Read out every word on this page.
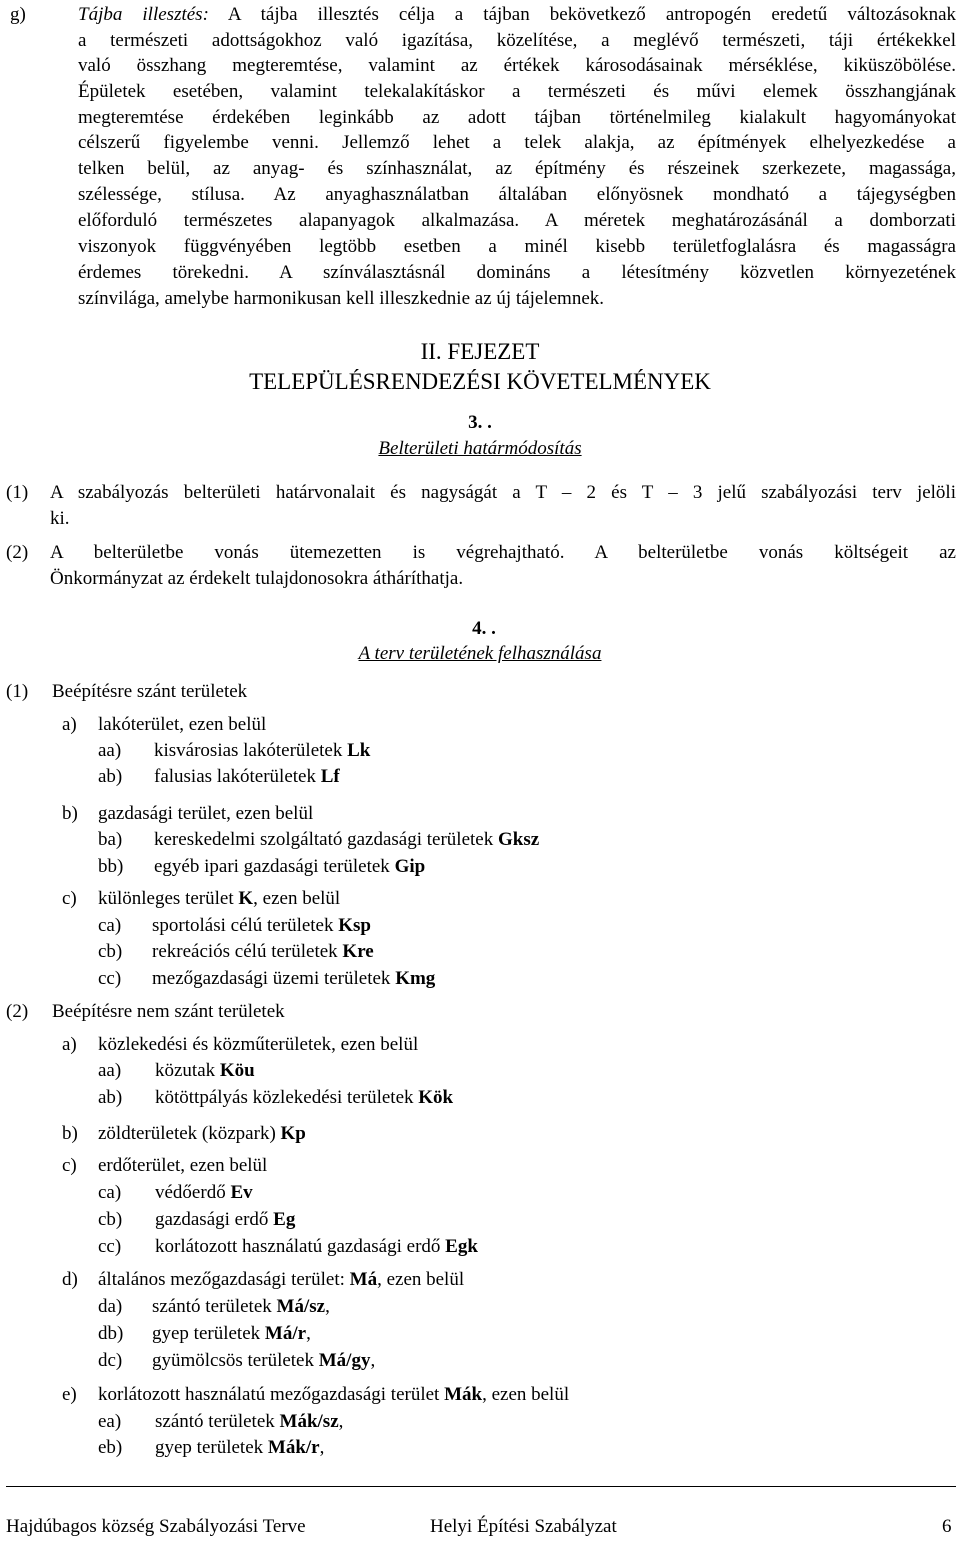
g)	Tájba illesztés: A tájba illesztés célja a tájban bekövetkező antropogén eredetű változásoknak
a természeti adottságokhoz való igazítása, közelítése, a meglévő természeti, táji értékekkel
való összhang megteremtése, valamint az értékek károsodásainak mérséklése, kiküszöbölése.
Épületek esetében, valamint telekalakításkor a természeti és művi elemek összhangjának
megteremtése érdekében leginkább az adott tájban történelmileg kialakult hagyományokat
célszerű figyelembe venni. Jellemző lehet a telek alakja, az építmények elhelyezkedése a
telken belül, az anyag- és színhasználat, az építmény és részeinek szerkezete, magassága,
szélessége, stílusa. Az anyaghasználatban általában előnyösnek mondható a tájegységben
előforduló természetes alapanyagok alkalmazása. A méretek meghatározásánál a domborzati
viszonyok függvényében legtöbb esetben a minél kisebb területfoglalásra és magasságra
érdemes törekedni. A színválasztásnál domináns a létesítmény közvetlen környezetének
színvilága, amelybe harmonikusan kell illeszkednie az új tájelemnek.
II. FEJEZET
TELEPÜLÉSRENDEZÉSI KÖVETELMÉNYEK
3. .
Belterületi határmódosítás
(1) A szabályozás belterületi határvonalait és nagyságát a T – 2 és T – 3 jelű szabályozási terv jelöli
ki.
(2) A belterületbe vonás ütemezetten is végrehajtható. A belterületbe vonás költségeit az
Önkormányzat az érdekelt tulajdonosokra átháríthatja.
4. .
A terv területének felhasználása
(1) Beépítésre szánt területek
(2) Beépítésre nem szánt területek
a) lakóterület, ezen belül
aa) kisvárosias lakóterületek Lk
ab) falusias lakóterületek Lf
b) gazdasági terület, ezen belül
ba) kereskedelmi szolgáltató gazdasági területek Gksz
bb) egyéb ipari gazdasági területek Gip
c) különleges terület K, ezen belül
ca) sportolási célú területek Ksp
cb) rekreációs célú területek Kre
cc) mezőgazdasági üzemi területek Kmg
a) közlekedési és közműterületek, ezen belül
aa) közutak Köu
ab) kötöttpályás közlekedési területek Kök
b) zöldterületek (közpark) Kp
c) erdőterület, ezen belül
ca) védőerdő Ev
cb) gazdasági erdő Eg
cc) korlátozott használatú gazdasági erdő Egk
d) általános mezőgazdasági terület: Má, ezen belül
da) szántó területek Má/sz,
db) gyep területek Má/r,
dc) gyümölcsös területek Má/gy,
e) korlátozott használatú mezőgazdasági terület Mák, ezen belül
ea) szántó területek Mák/sz,
eb) gyep területek Mák/r,
Hajdúbagos község Szabályozási Terve	Helyi Építési Szabályzat	6
